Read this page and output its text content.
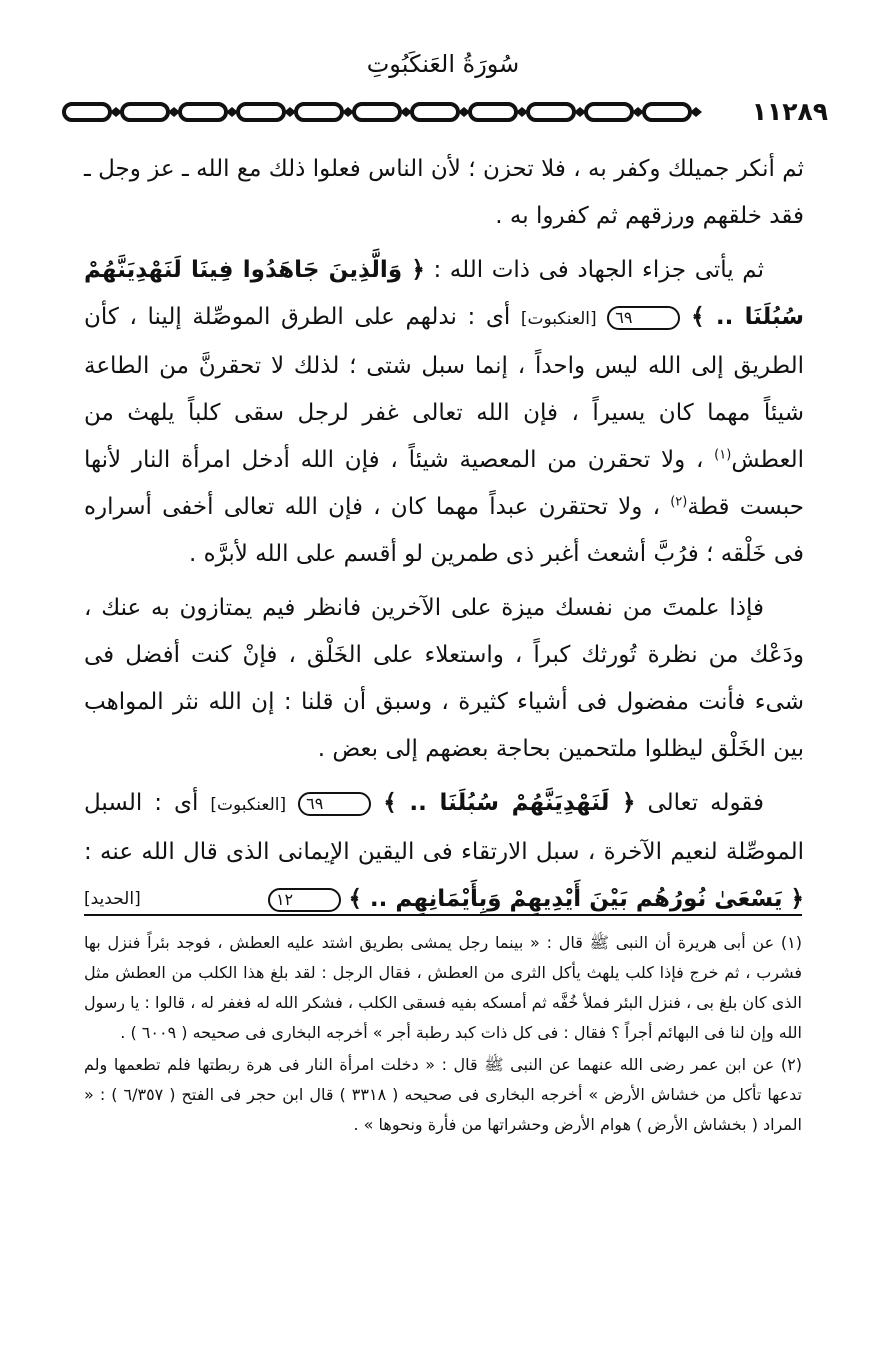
سُورَةُ العَنكَبُوتِ
١١٢٨٩

ثم أنكر جميلك وكفر به ، فلا تحزن ؛ لأن الناس فعلوا ذلك مع الله ـ عز وجل ـ فقد خلقهم ورزقهم ثم كفروا به .

ثم يأتى جزاء الجهاد فى ذات الله : ﴿ وَالَّذِينَ جَاهَدُوا فِينَا لَنَهْدِيَنَّهُمْ سُبُلَنَا .. ﴾ ٦٩ [العنكبوت] أى : ندلهم على الطرق الموصِّلة إلينا ، كأن الطريق إلى الله ليس واحداً ، إنما سبل شتى ؛ لذلك لا تحقرنَّ من الطاعة شيئاً مهما كان يسيراً ، فإن الله تعالى غفر لرجل سقى كلباً يلهث من العطش$^{(١)}$ ، ولا تحقرن من المعصية شيئاً ، فإن الله أدخل امرأة النار لأنها حبست قطة$^{(٢)}$ ، ولا تحتقرن عبداً مهما كان ، فإن الله تعالى أخفى أسراره فى خَلْقه ؛ فرُبَّ أشعث أغبر ذى طمرين لو أقسم على الله لأبرَّه .

فإذا علمتَ من نفسك ميزة على الآخرين فانظر فيم يمتازون به عنك ، ودَعْك من نظرة تُورثك كبراً ، واستعلاء على الخَلْق ، فإنْ كنت أفضل فى شىء فأنت مفضول فى أشياء كثيرة ، وسبق أن قلنا : إن الله نثر المواهب بين الخَلْق ليظلوا ملتحمين بحاجة بعضهم إلى بعض .

فقوله تعالى ﴿ لَنَهْدِيَنَّهُمْ سُبُلَنَا .. ﴾ ٦٩ [العنكبوت] أى : السبل الموصِّلة لنعيم الآخرة ، سبل الارتقاء فى اليقين الإيمانى الذى قال الله عنه : ﴿ يَسْعَىٰ نُورُهُم بَيْنَ أَيْدِيهِمْ وَبِأَيْمَانِهِم .. ﴾ ١٢
[الحديد]

(١) عن أبى هريرة أن النبى ﷺ قال : « بينما رجل يمشى بطريق اشتد عليه العطش ، فوجد بئراً فنزل بها فشرب ، ثم خرج فإذا كلب يلهث يأكل الثرى من العطش ، فقال الرجل : لقد بلغ هذا الكلب من العطش مثل الذى كان بلغ بى ، فنزل البئر فملأ خُفَّه ثم أمسكه بفيه فسقى الكلب ، فشكر الله له فغفر له ، قالوا : يا رسول الله وإن لنا فى البهائم أجراً ؟ فقال : فى كل ذات كبد رطبة أجر » أخرجه البخارى فى صحيحه ( ٦٠٠٩ ) .

(٢) عن ابن عمر رضى الله عنهما عن النبى ﷺ قال : « دخلت امرأة النار فى هرة ربطتها فلم تطعمها ولم تدعها تأكل من خشاش الأرض » أخرجه البخارى فى صحيحه ( ٣٣١٨ ) قال ابن حجر فى الفتح ( ٦/٣٥٧ ) : « المراد ( بخشاش الأرض ) هوام الأرض وحشراتها من فأرة ونحوها » .
